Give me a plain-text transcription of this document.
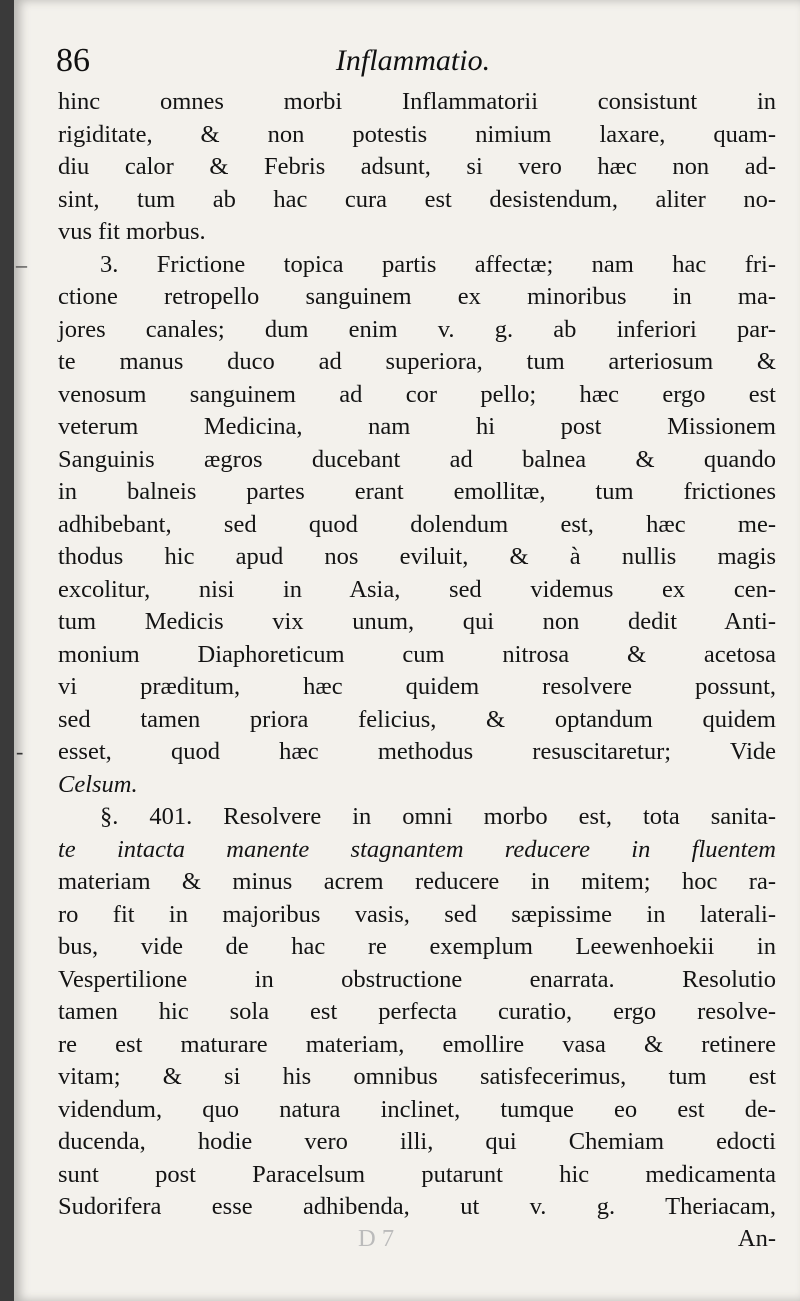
86	Inflammatio.
hinc omnes morbi Inflammatorii consistunt in
rigiditate, & non potestis nimium laxare, quam-
diu calor & Febris adsunt, si vero hæc non ad-
sint, tum ab hac cura est desistendum, aliter no-
vus fit morbus.
–	3. Frictione topica partis affectæ; nam hac fri-
ctione retropello sanguinem ex minoribus in ma-
jores canales; dum enim v. g. ab inferiori par-
te manus duco ad superiora, tum arteriosum &
venosum sanguinem ad cor pello; hæc ergo est
veterum Medicina, nam hi post Missionem
Sanguinis ægros ducebant ad balnea & quando
in balneis partes erant emollitæ, tum frictiones
adhibebant, sed quod dolendum est, hæc me-
thodus hic apud nos eviluit, & à nullis magis
excolitur, nisi in Asia, sed videmus ex cen-
tum Medicis vix unum, qui non dedit Anti-
monium Diaphoreticum cum nitrosa & acetosa
vi præditum, hæc quidem resolvere possunt,
sed tamen priora felicius, & optandum quidem
- esset, quod hæc methodus resuscitaretur; Vide
Celsum.
§. 401. Resolvere in omni morbo est, tota sanita-
te intacta manente stagnantem reducere in fluentem
materiam & minus acrem reducere in mitem; hoc ra-
ro fit in majoribus vasis, sed sæpissime in laterali-
bus, vide de hac re exemplum Leewenhoekii in
Vespertilione in obstructione enarrata. Resolutio
tamen hic sola est perfecta curatio, ergo resolve-
re est maturare materiam, emollire vasa & retinere
vitam; & si his omnibus satisfecerimus, tum est
videndum, quo natura inclinet, tumque eo est de-
ducenda, hodie vero illi, qui Chemiam edocti
sunt post Paracelsum putarunt hic medicamenta
Sudorifera esse adhibenda, ut v. g. Theriacam,
D 7	An-
